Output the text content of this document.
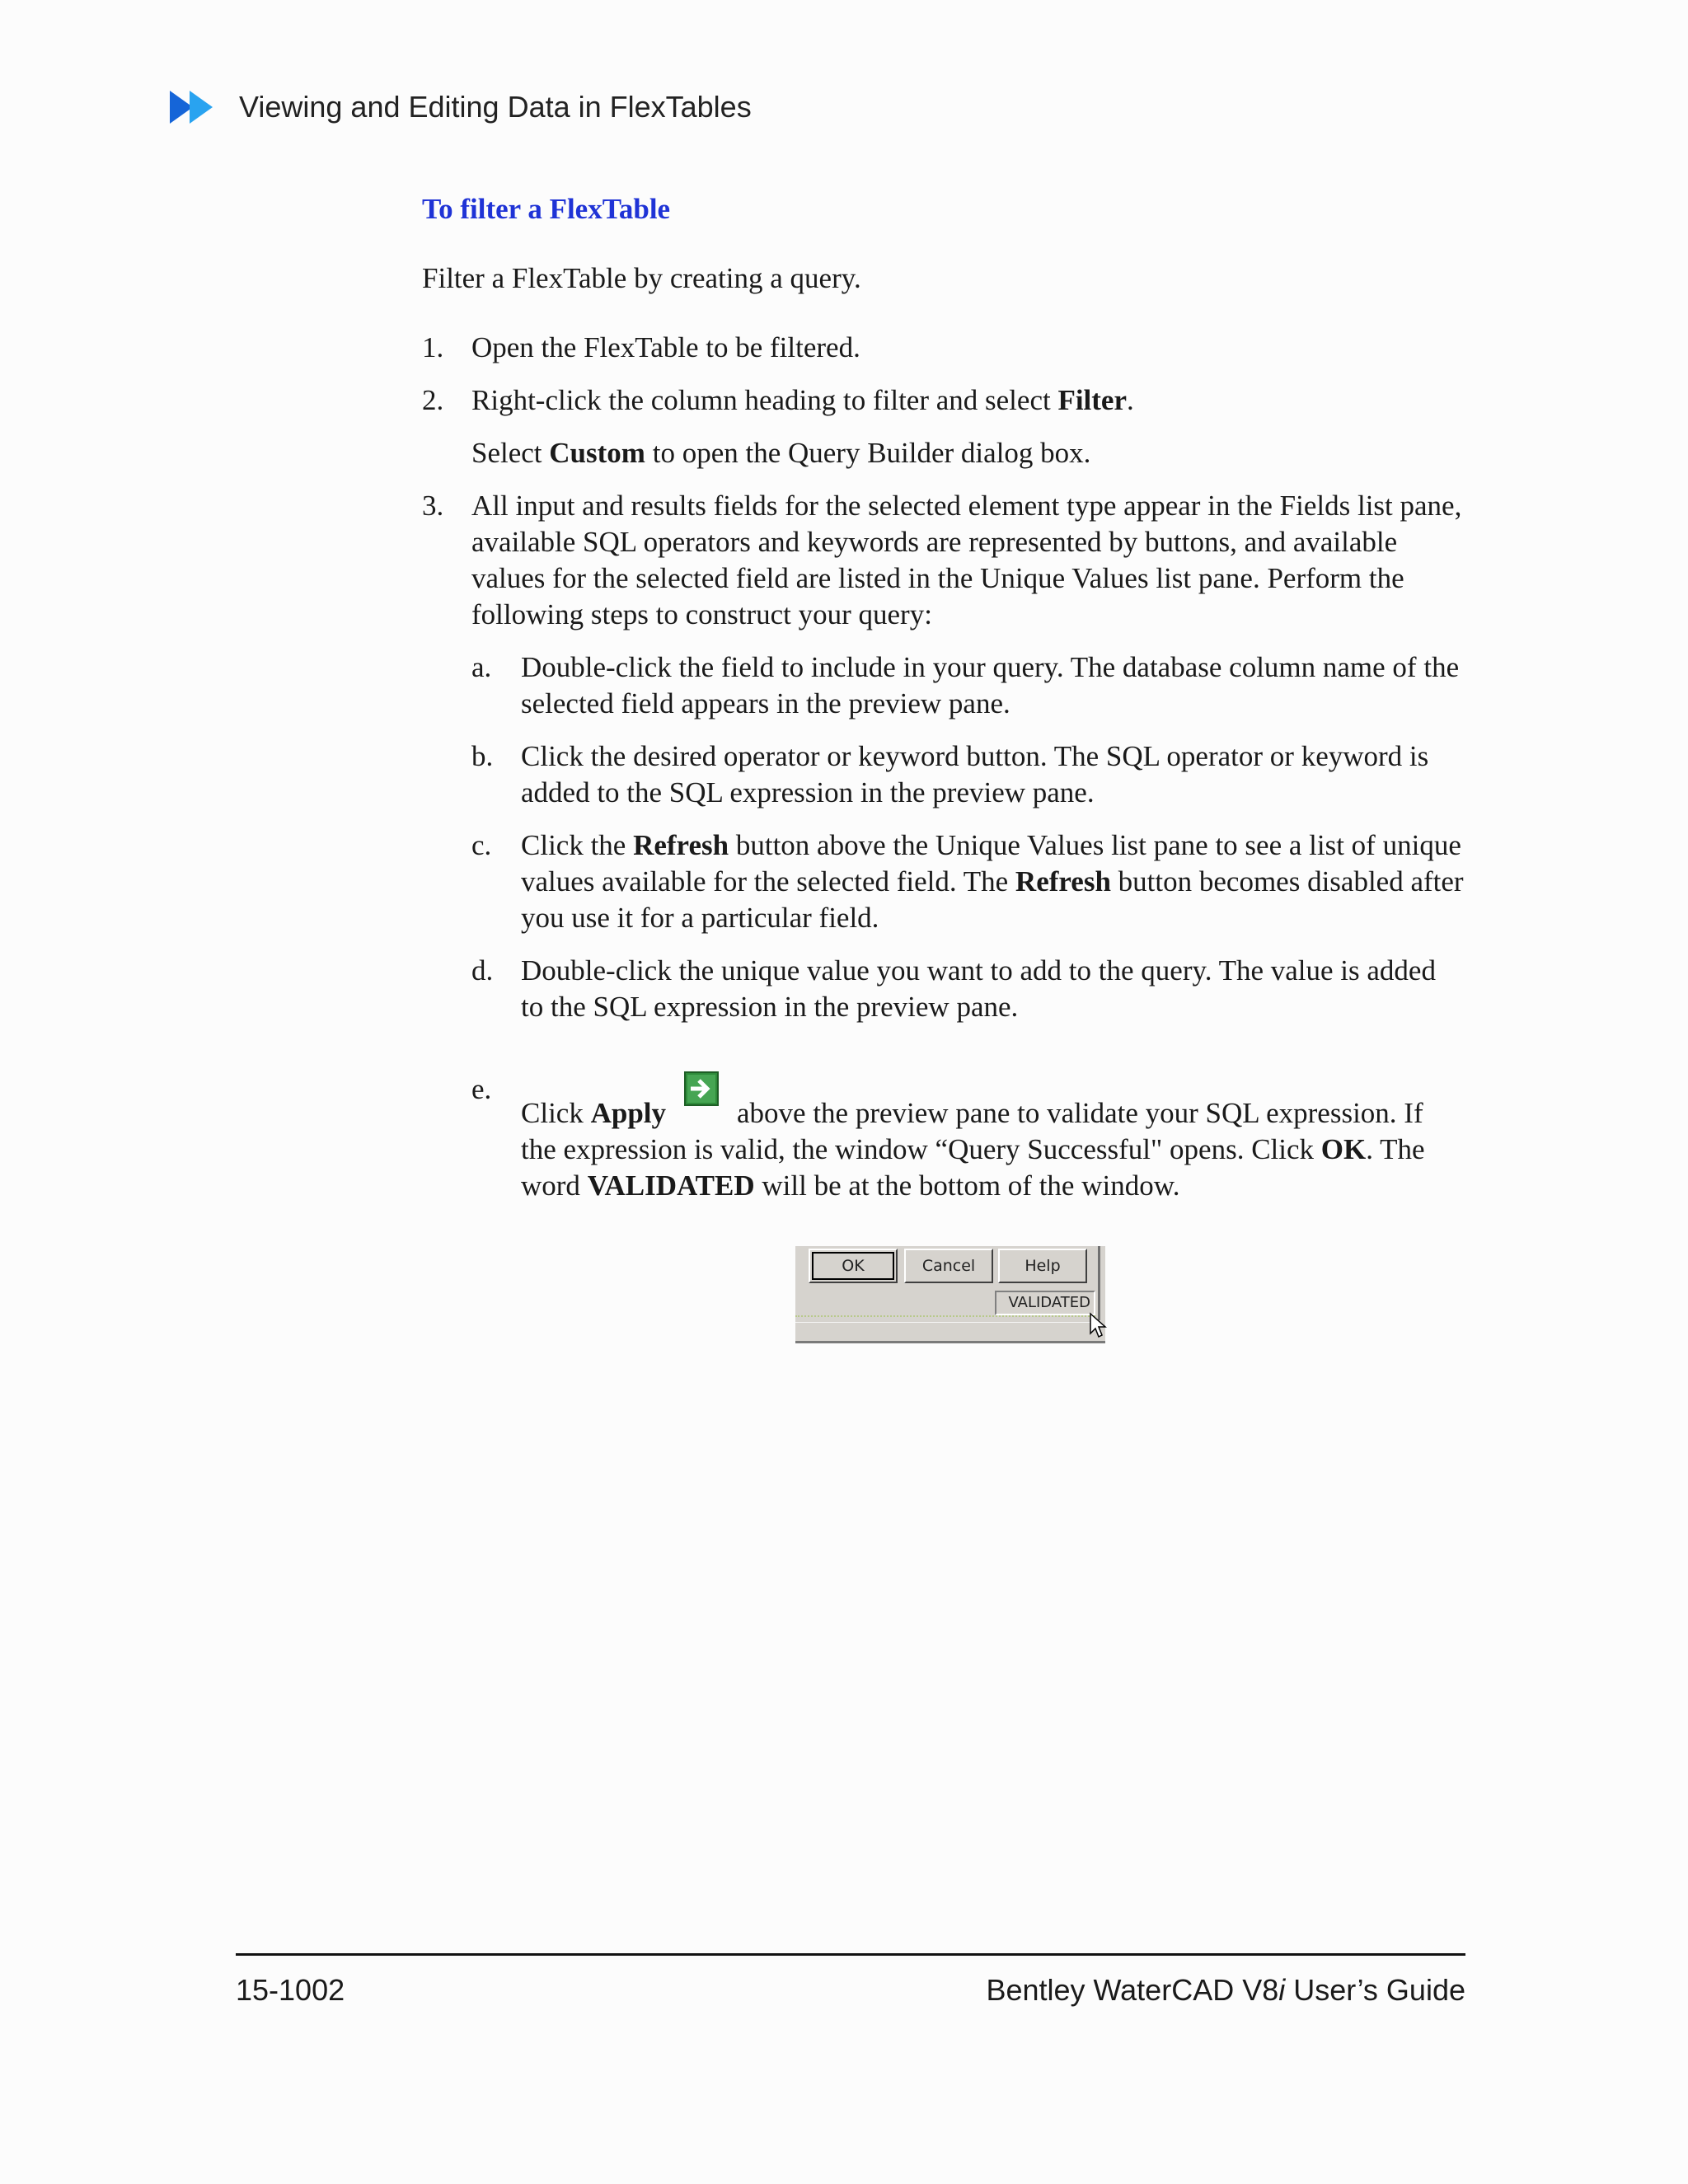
Viewing and Editing Data in FlexTables

To filter a FlexTable

Filter a FlexTable by creating a query.

1. Open the FlexTable to be filtered.

2. Right-click the column heading to filter and select Filter.

Select Custom to open the Query Builder dialog box.

3. All input and results fields for the selected element type appear in the Fields list pane, available SQL operators and keywords are represented by buttons, and available values for the selected field are listed in the Unique Values list pane. Perform the following steps to construct your query:

a. Double-click the field to include in your query. The database column name of the selected field appears in the preview pane.

b. Click the desired operator or keyword button. The SQL operator or keyword is added to the SQL expression in the preview pane.

c. Click the Refresh button above the Unique Values list pane to see a list of unique values available for the selected field. The Refresh button becomes disabled after you use it for a particular field.

d. Double-click the unique value you want to add to the query. The value is added to the SQL expression in the preview pane.

e.

Click Apply above the preview pane to validate your SQL expression. If the expression is valid, the window “Query Successful" opens. Click OK. The word VALIDATED will be at the bottom of the window.

OK	Cancel	Help
VALIDATED
15-1002	Bentley WaterCAD V8i User’s Guide
